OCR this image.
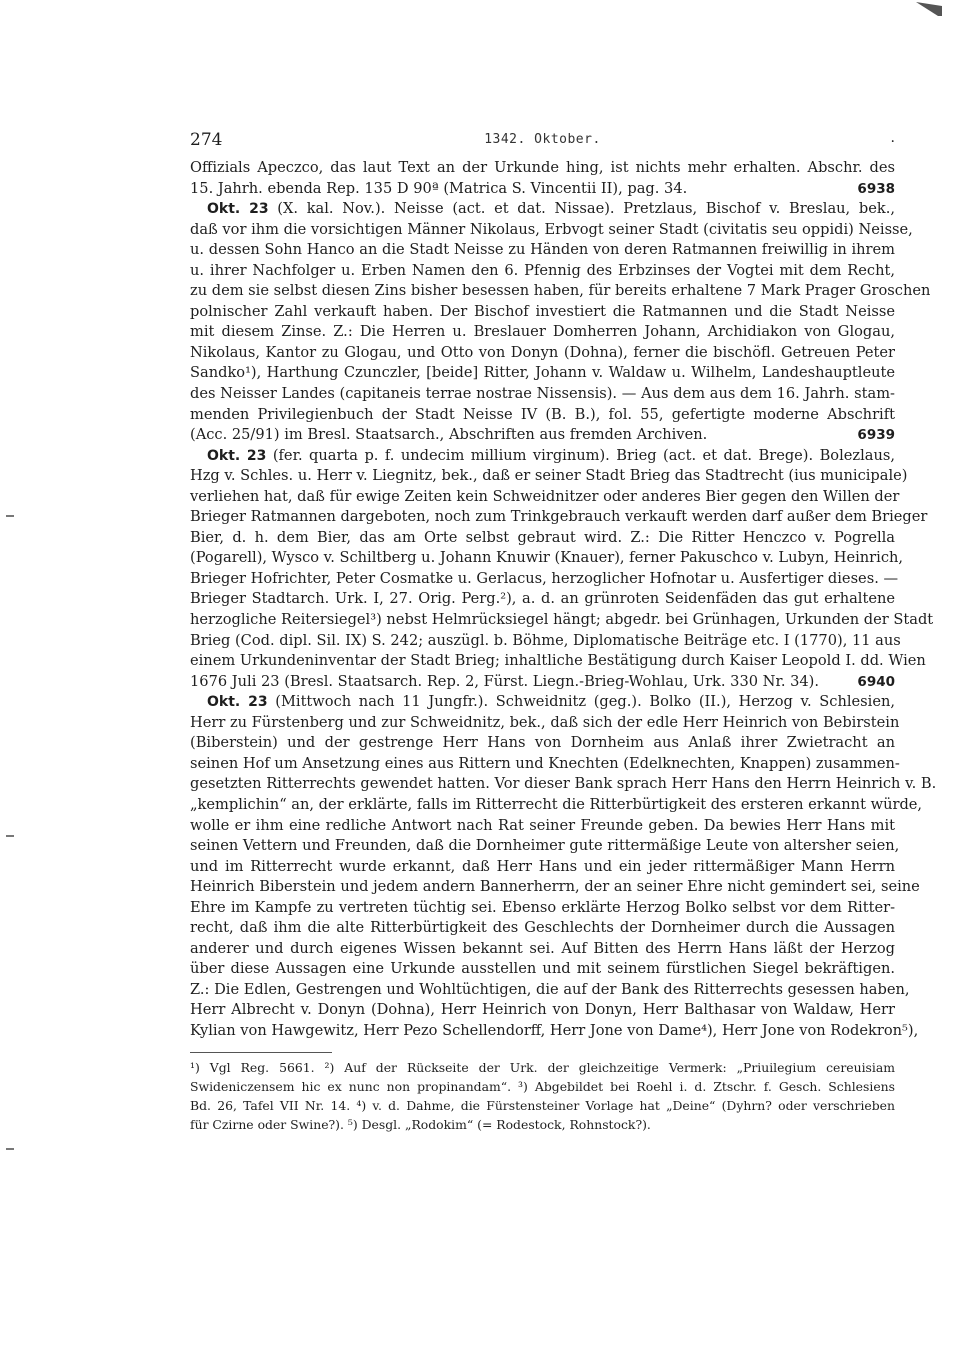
274	1342. Oktober.	.
Offizials Apeczco, das laut Text an der Urkunde hing, ist nichts mehr erhalten. Abschr. des
15. Jahrh. ebenda Rep. 135 D 90ª (Matrica S. Vincentii II), pag. 34.	6938
Okt. 23 (X. kal. Nov.). Neisse (act. et dat. Nissae). Pretzlaus, Bischof v. Breslau, bek.,
daß vor ihm die vorsichtigen Männer Nikolaus, Erbvogt seiner Stadt (civitatis seu oppidi) Neisse,
u. dessen Sohn Hanco an die Stadt Neisse zu Händen von deren Ratmannen freiwillig in ihrem
u. ihrer Nachfolger u. Erben Namen den 6. Pfennig des Erbzinses der Vogtei mit dem Recht,
zu dem sie selbst diesen Zins bisher besessen haben, für bereits erhaltene 7 Mark Prager Groschen
polnischer Zahl verkauft haben. Der Bischof investiert die Ratmannen und die Stadt Neisse
mit diesem Zinse. Z.: Die Herren u. Breslauer Domherren Johann, Archidiakon von Glogau,
Nikolaus, Kantor zu Glogau, und Otto von Donyn (Dohna), ferner die bischöfl. Getreuen Peter
Sandko¹), Harthung Czunczler, [beide] Ritter, Johann v. Waldaw u. Wilhelm, Landeshauptleute
des Neisser Landes (capitaneis terrae nostrae Nissensis). — Aus dem aus dem 16. Jahrh. stam-
menden Privilegienbuch der Stadt Neisse IV (B. B.), fol. 55, gefertigte moderne Abschrift
(Acc. 25/91) im Bresl. Staatsarch., Abschriften aus fremden Archiven.	6939
Okt. 23 (fer. quarta p. f. undecim millium virginum). Brieg (act. et dat. Brege). Bolezlaus,
Hzg v. Schles. u. Herr v. Liegnitz, bek., daß er seiner Stadt Brieg das Stadtrecht (ius municipale)
verliehen hat, daß für ewige Zeiten kein Schweidnitzer oder anderes Bier gegen den Willen der
Brieger Ratmannen dargeboten, noch zum Trinkgebrauch verkauft werden darf außer dem Brieger
Bier, d. h. dem Bier, das am Orte selbst gebraut wird. Z.: Die Ritter Henczco v. Pogrella
(Pogarell), Wysco v. Schiltberg u. Johann Knuwir (Knauer), ferner Pakuschco v. Lubyn, Heinrich,
Brieger Hofrichter, Peter Cosmatke u. Gerlacus, herzoglicher Hofnotar u. Ausfertiger dieses. —
Brieger Stadtarch. Urk. I, 27. Orig. Perg.²), a. d. an grünroten Seidenfäden das gut erhaltene
herzogliche Reitersiegel³) nebst Helmrücksiegel hängt; abgedr. bei Grünhagen, Urkunden der Stadt
Brieg (Cod. dipl. Sil. IX) S. 242; auszügl. b. Böhme, Diplomatische Beiträge etc. I (1770), 11 aus
einem Urkundeninventar der Stadt Brieg; inhaltliche Bestätigung durch Kaiser Leopold I. dd. Wien
1676 Juli 23 (Bresl. Staatsarch. Rep. 2, Fürst. Liegn.-Brieg-Wohlau, Urk. 330 Nr. 34).	6940
Okt. 23 (Mittwoch nach 11 Jungfr.). Schweidnitz (geg.). Bolko (II.), Herzog v. Schlesien,
Herr zu Fürstenberg und zur Schweidnitz, bek., daß sich der edle Herr Heinrich von Bebirstein
(Biberstein) und der gestrenge Herr Hans von Dornheim aus Anlaß ihrer Zwietracht an
seinen Hof um Ansetzung eines aus Rittern und Knechten (Edelknechten, Knappen) zusammen-
gesetzten Ritterrechts gewendet hatten. Vor dieser Bank sprach Herr Hans den Herrn Heinrich v. B.
„kemplichin“ an, der erklärte, falls im Ritterrecht die Ritterbürtigkeit des ersteren erkannt würde,
wolle er ihm eine redliche Antwort nach Rat seiner Freunde geben. Da bewies Herr Hans mit
seinen Vettern und Freunden, daß die Dornheimer gute rittermäßige Leute von altersher seien,
und im Ritterrecht wurde erkannt, daß Herr Hans und ein jeder rittermäßiger Mann Herrn
Heinrich Biberstein und jedem andern Bannerherrn, der an seiner Ehre nicht gemindert sei, seine
Ehre im Kampfe zu vertreten tüchtig sei. Ebenso erklärte Herzog Bolko selbst vor dem Ritter-
recht, daß ihm die alte Ritterbürtigkeit des Geschlechts der Dornheimer durch die Aussagen
anderer und durch eigenes Wissen bekannt sei. Auf Bitten des Herrn Hans läßt der Herzog
über diese Aussagen eine Urkunde ausstellen und mit seinem fürstlichen Siegel bekräftigen.
Z.: Die Edlen, Gestrengen und Wohltüchtigen, die auf der Bank des Ritterrechts gesessen haben,
Herr Albrecht v. Donyn (Dohna), Herr Heinrich von Donyn, Herr Balthasar von Waldaw, Herr
Kylian von Hawgewitz, Herr Pezo Schellendorff, Herr Jone von Dame⁴), Herr Jone von Rodekron⁵),
¹) Vgl Reg. 5661. ²) Auf der Rückseite der Urk. der gleichzeitige Vermerk: „Priuilegium cereuisiam
Swideniczensem hic ex nunc non propinandam“. ³) Abgebildet bei Roehl i. d. Ztschr. f. Gesch. Schlesiens
Bd. 26, Tafel VII Nr. 14. ⁴) v. d. Dahme, die Fürstensteiner Vorlage hat „Deine“ (Dyhrn? oder verschrieben
für Czirne oder Swine?). ⁵) Desgl. „Rodokim“ (= Rodestock, Rohnstock?).
